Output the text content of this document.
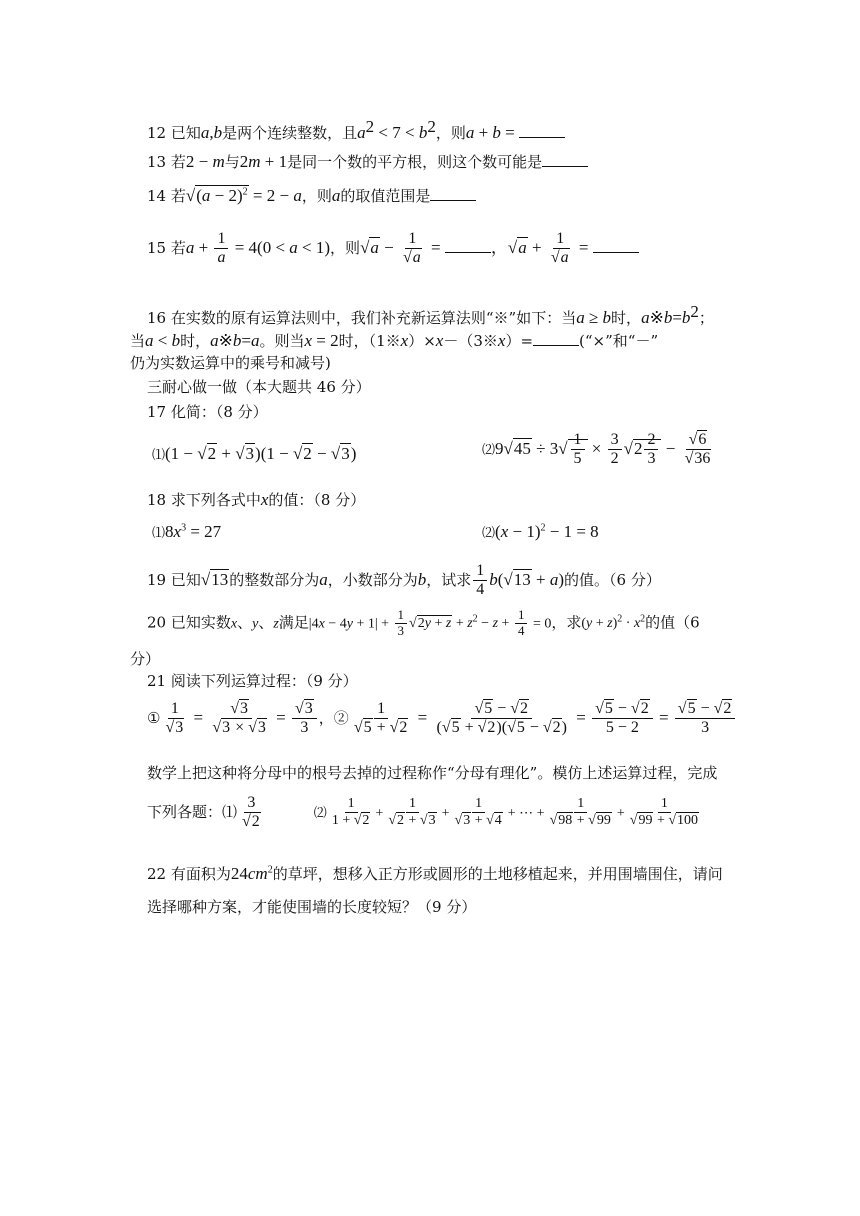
12 已知a,b是两个连续整数，且$a^2 < 7 < b^2$，则a + b =
13 若2 − m与2m + 1是同一个数的平方根，则这个数可能是
14 若$√(a - 2)^2 = 2 - a$，则a的取值范围是
15 若$a + \frac{1}{a} = 4(0 < a < 1)$，则$√a - \frac{1}{√a}$ =	，$√a + \frac{1}{√a}$ =
16 在实数的原有运算法则中，我们补充新运算法则“※”如下：当a ≥ b时，$a※b=b^2$；
当a < b时，a※b=a。则当x = 2时，（1※x）×x－（3※x）=	(“×”和“－”
仍为实数运算中的乘号和减号)
三耐心做一做（本大题共 46 分）
17 化简：（8 分）
⑴(1 − √2 + √3)(1 − √2 − √3)	⑵9√45 ÷ $3√ \frac{1}{5} \times \frac{3}{2} √2 \frac{2}{3} - \frac{√6}{√36}$
18 求下列各式中x的值：（8 分）
$⑴8x^3 = 27$	⑵(x − 1)$^2$ − 1 = 8
19 已知√13的整数部分为a，小数部分为b，试求 $\frac{1}{4} b(√13 + a)$的值。（6 分）
20 已知实数x、y、z满足$|4x - 4y + 1| + \frac{1}{3} √2y + z + z^2 - z + \frac{1}{4} = 0$，求$(y + z)^2 \cdot x^2$的值（6
分）
21 阅读下列运算过程：（9 分）
① $\frac{1}{√3} = \frac{√3}{√3 \times √3} = \frac{√3}{3}$ ，② $\frac{1}{√5 + √2} = \frac{√5 - √2}{(√5 + √2)(√5 - √2)} = \frac{√5 - √2}{5 - 2} = \frac{√5 - √2}{3}$
数学上把这种将分母中的根号去掉的过程称作“分母有理化”。模仿上述运算过程，完成
下列各题：⑴ $\frac{3}{√2}$	⑵ $\frac{1}{1 + √2} + \frac{1}{√2 + √3} + \frac{1}{√3 + √4}$ + ⋯ + $\frac{1}{√98 + √99} + \frac{1}{√99 + √100}$
22 有面积为$24cm^2$的草坪，想移入正方形或圆形的土地移植起来，并用围墙围住，请问
选择哪种方案，才能使围墙的长度较短？（9 分）
